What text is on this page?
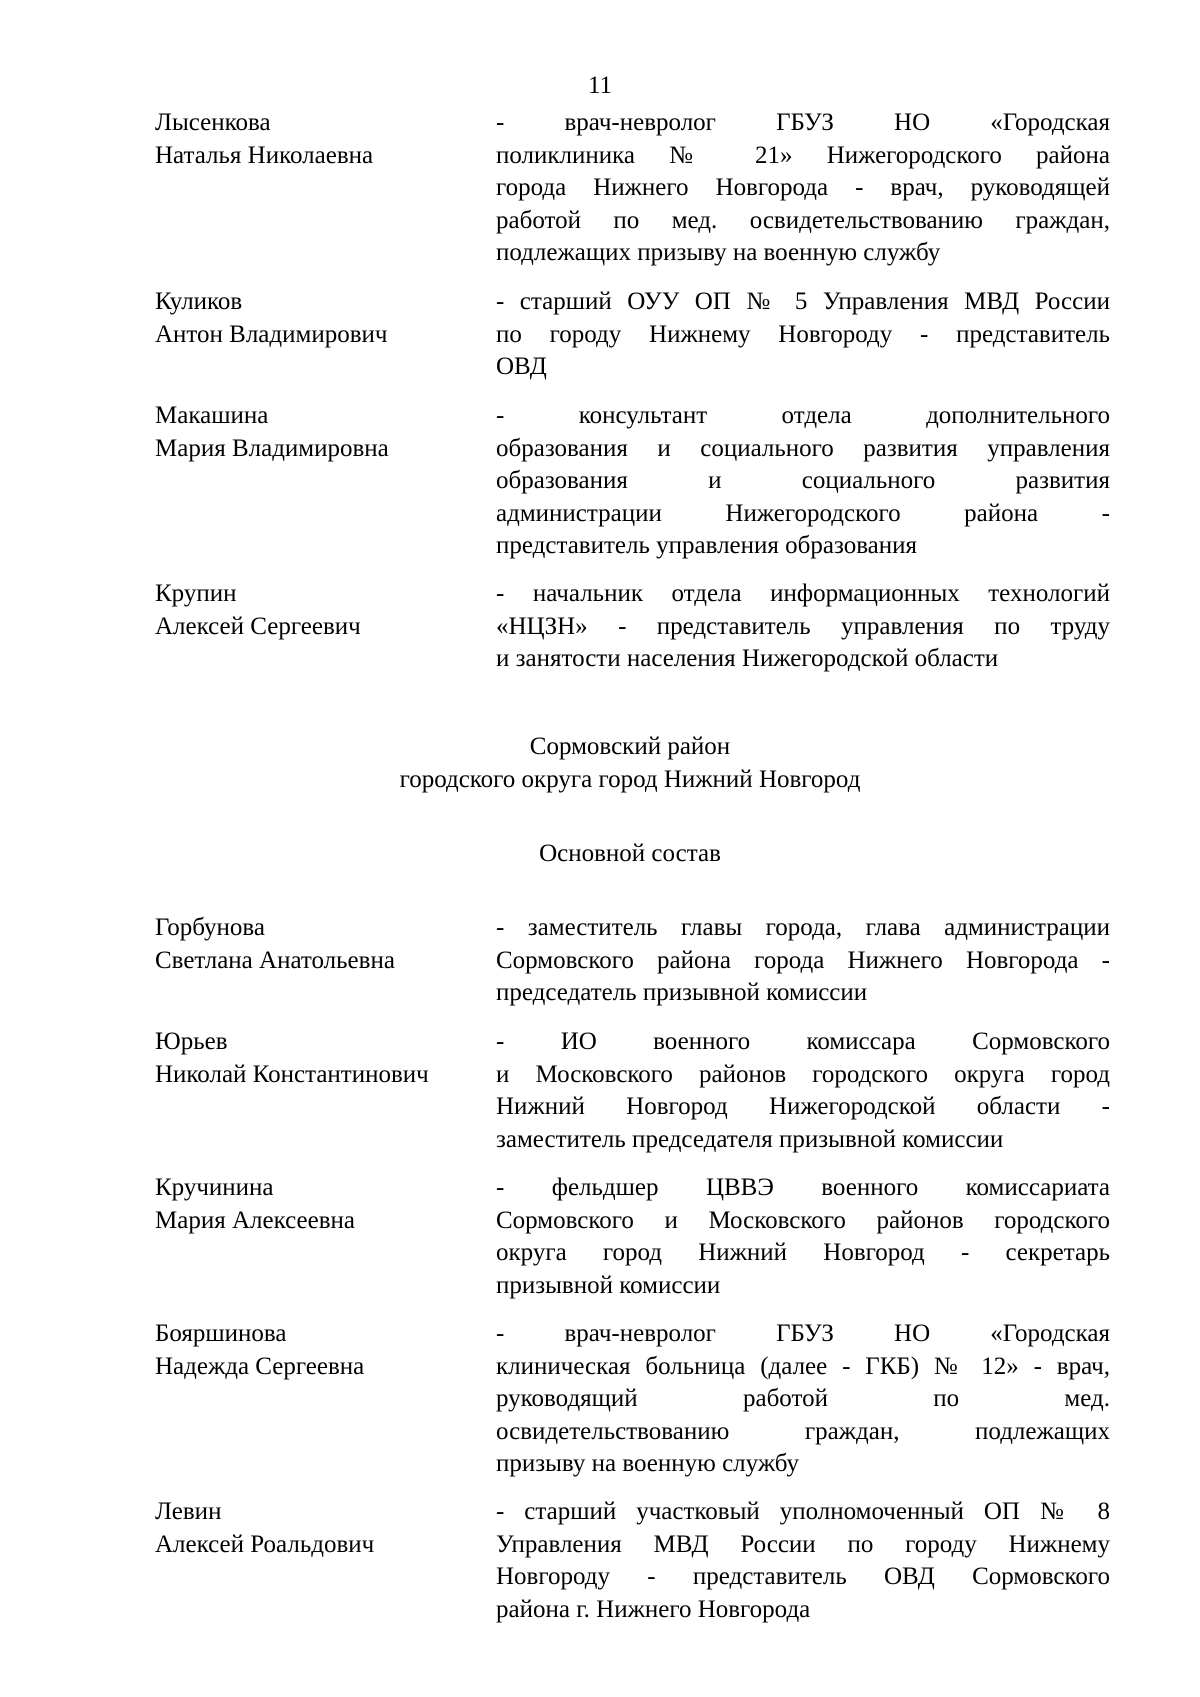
11
Лысенкова
Наталья Николаевна
- врач-невролог ГБУЗ НО «Городская
поликлиника № 21» Нижегородского района
города Нижнего Новгорода - врач, руководящей
работой по мед. освидетельствованию граждан,
подлежащих призыву на военную службу
Куликов
Антон Владимирович
- старший ОУУ ОП № 5 Управления МВД России
по городу Нижнему Новгороду - представитель
ОВД
Макашина
Мария Владимировна
- консультант отдела дополнительного
образования и социального развития управления
образования и социального развития
администрации Нижегородского района -
представитель управления образования
Крупин
Алексей Сергеевич
- начальник отдела информационных технологий
«НЦЗН» - представитель управления по труду
и занятости населения Нижегородской области
Сормовский район
городского округа город Нижний Новгород
Основной состав
Горбунова
Светлана Анатольевна
- заместитель главы города, глава администрации
Сормовского района города Нижнего Новгорода -
председатель призывной комиссии
Юрьев
Николай Константинович
- ИО военного комиссара Сормовского
и Московского районов городского округа город
Нижний Новгород Нижегородской области -
заместитель председателя призывной комиссии
Кручинина
Мария Алексеевна
- фельдшер ЦВВЭ военного комиссариата
Сормовского и Московского районов городского
округа город Нижний Новгород - секретарь
призывной комиссии
Бояршинова
Надежда Сергеевна
- врач-невролог ГБУЗ НО «Городская
клиническая больница (далее - ГКБ) № 12» - врач,
руководящий работой по мед.
освидетельствованию граждан, подлежащих
призыву на военную службу
Левин
Алексей Роальдович
- старший участковый уполномоченный ОП № 8
Управления МВД России по городу Нижнему
Новгороду - представитель ОВД Сормовского
района г. Нижнего Новгорода
